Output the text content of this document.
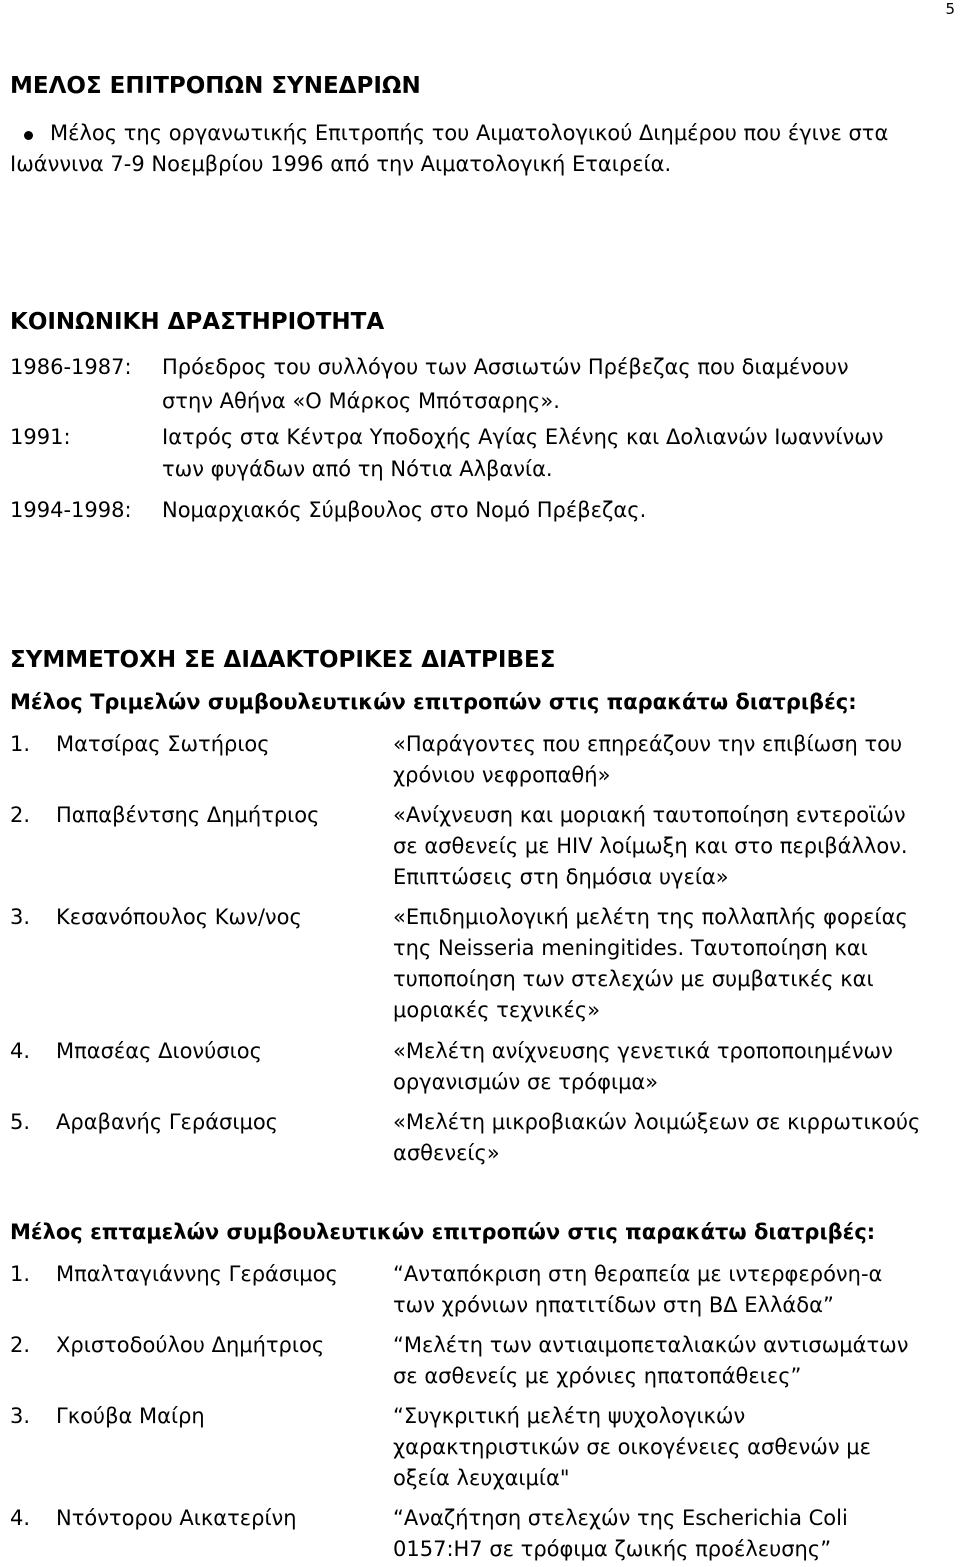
5
ΜΕΛΟΣ ΕΠΙΤΡΟΠΩΝ ΣΥΝΕΔΡΙΩΝ
Μέλος της οργανωτικής Επιτροπής του Αιματολογικού Διημέρου που έγινε στα
Ιωάννινα 7-9 Νοεμβρίου 1996 από την Αιματολογική Εταιρεία.
ΚΟΙΝΩΝΙΚΗ ΔΡΑΣΤΗΡΙΟΤΗΤΑ
1986-1987: Πρόεδρος του συλλόγου των Ασσιωτών Πρέβεζας που διαμένουν
στην Αθήνα «Ο Μάρκος Μπότσαρης».
1991:	Ιατρός στα Κέντρα Υποδοχής Αγίας Ελένης και Δολιανών Ιωαννίνων
των φυγάδων από τη Νότια Αλβανία.
1994-1998: Νομαρχιακός Σύμβουλος στο Νομό Πρέβεζας.
ΣΥΜΜΕΤΟΧΗ ΣΕ ΔΙΔΑΚΤΟΡΙΚΕΣ ΔΙΑΤΡΙΒΕΣ
Μέλος Τριμελών συμβουλευτικών επιτροπών στις παρακάτω διατριβές:
1. Ματσίρας Σωτήριος	«Παράγοντες που επηρεάζουν την επιβίωση του
χρόνιου νεφροπαθή»
2. Παπαβέντσης Δημήτριος	«Ανίχνευση και μοριακή ταυτοποίηση εντεροϊών
σε ασθενείς με HIV λοίμωξη και στο περιβάλλον.
Επιπτώσεις στη δημόσια υγεία»
3. Κεσανόπουλος Κων/νος	«Επιδημιολογική μελέτη της πολλαπλής φορείας
της Neisseria meningitides. Ταυτοποίηση και
τυποποίηση των στελεχών με συμβατικές και
μοριακές τεχνικές»
4. Μπασέας Διονύσιος	«Μελέτη ανίχνευσης γενετικά τροποποιημένων
οργανισμών σε τρόφιμα»
5. Αραβανής Γεράσιμος	«Μελέτη μικροβιακών λοιμώξεων σε κιρρωτικούς
ασθενείς»
Μέλος επταμελών συμβουλευτικών επιτροπών στις παρακάτω διατριβές:
1. Μπαλταγιάννης Γεράσιμος	“Ανταπόκριση στη θεραπεία με ιντερφερόνη-α
των χρόνιων ηπατιτίδων στη ΒΔ Ελλάδα”
2. Χριστοδούλου Δημήτριος	“Μελέτη των αντιαιμοπεταλιακών αντισωμάτων
σε ασθενείς με χρόνιες ηπατοπάθειες”
3. Γκούβα Μαίρη	“Συγκριτική μελέτη ψυχολογικών
χαρακτηριστικών σε οικογένειες ασθενών με
οξεία λευχαιμία"
4. Ντόντορου Αικατερίνη	“Αναζήτηση στελεχών της Escherichia Coli
0157:H7 σε τρόφιμα ζωικής προέλευσης”
